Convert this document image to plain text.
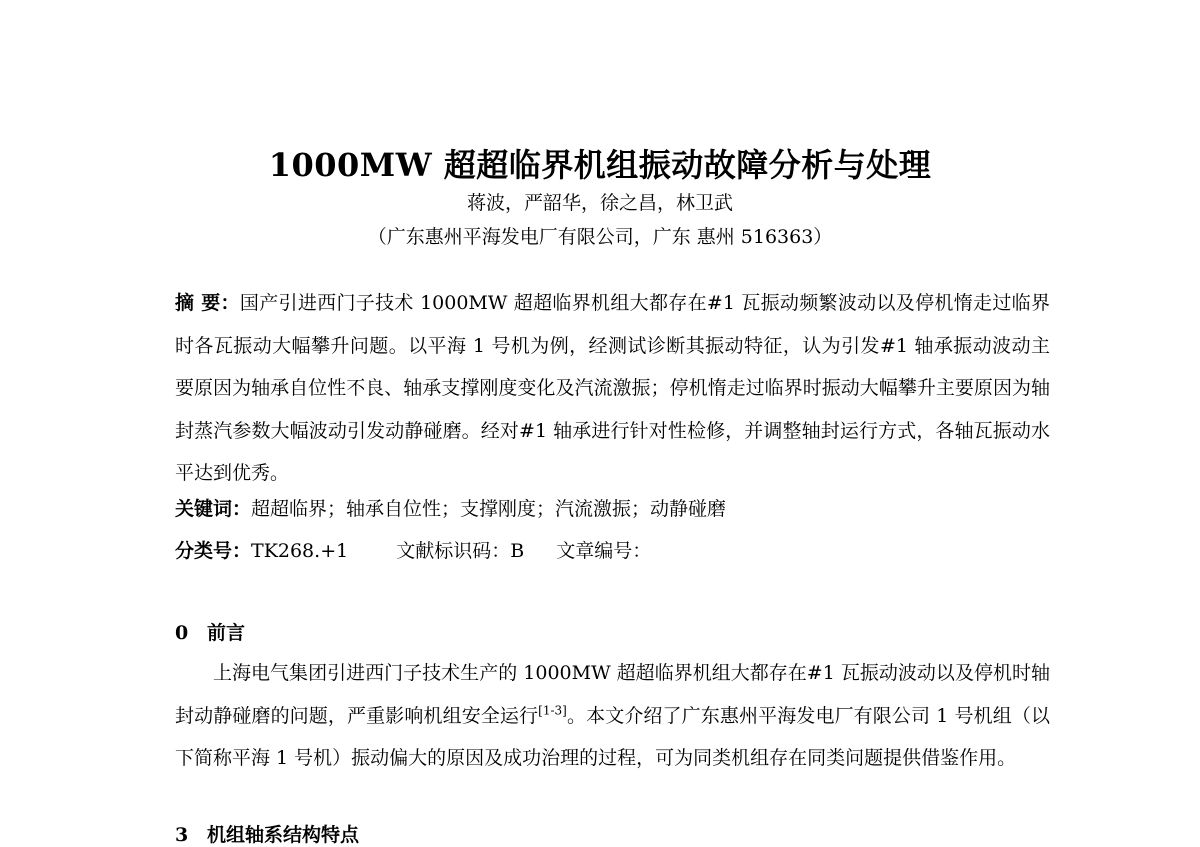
1000MW 超超临界机组振动故障分析与处理
蒋波，严韶华，徐之昌，林卫武
（广东惠州平海发电厂有限公司，广东 惠州 516363）

摘 要：国产引进西门子技术 1000MW 超超临界机组大都存在#1 瓦振动频繁波动以及停机惰走过临界时各瓦振动大幅攀升问题。以平海 1 号机为例，经测试诊断其振动特征，认为引发#1 轴承振动波动主要原因为轴承自位性不良、轴承支撑刚度变化及汽流激振；停机惰走过临界时振动大幅攀升主要原因为轴封蒸汽参数大幅波动引发动静碰磨。经对#1 轴承进行针对性检修，并调整轴封运行方式，各轴瓦振动水平达到优秀。

关键词：超超临界；轴承自位性；支撑刚度；汽流激振；动静碰磨
分类号：TK268.+1	文献标识码：B 文章编号：
0 前言

上海电气集团引进西门子技术生产的 1000MW 超超临界机组大都存在#1 瓦振动波动以及停机时轴封动静碰磨的问题，严重影响机组安全运行[1-3]。本文介绍了广东惠州平海发电厂有限公司 1 号机组（以下简称平海 1 号机）振动偏大的原因及成功治理的过程，可为同类机组存在同类问题提供借鉴作用。

3 机组轴系结构特点
